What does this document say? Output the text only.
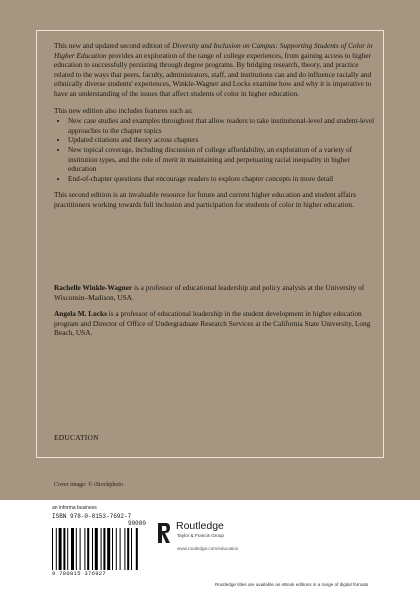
This new and updated second edition of Diversity and Inclusion on Campus: Supporting Students of Color in Higher Education provides an exploration of the range of college experiences, from gaining access to higher education to successfully persisting through degree programs. By bridging research, theory, and practice related to the ways that peers, faculty, administrators, staff, and institutions can and do influence racially and ethnically diverse students' experiences, Winkle-Wagner and Locks examine how and why it is imperative to have an understanding of the issues that affect students of color in higher education.

This new edition also includes features such as:

• New case studies and examples throughout that allow readers to take institutional-level and student-level approaches to the chapter topics
• Updated citations and theory across chapters
• New topical coverage, including discussion of college affordability, an exploration of a variety of institution types, and the role of merit in maintaining and perpetuating racial inequality in higher education
• End-of-chapter questions that encourage readers to explore chapter concepts in more detail

This second edition is an invaluable resource for future and current higher education and student affairs practitioners working towards full inclusion and participation for students of color in higher education.

Rachelle Winkle-Wagner is a professor of educational leadership and policy analysis at the University of Wisconsin–Madison, USA.

Angela M. Locks is a professor of educational leadership in the student development in higher education program and Director of Office of Undergraduate Research Services at the California State University, Long Beach, USA.

EDUCATION
Cover image: © iStockphoto
an informa business
ISBN 978-0-8153-7692-7
90000
9 780815 376927
Routledge
Taylor & Francis Group
www.routledge.com/education
Routledge titles are available as eBook editions in a range of digital formats
